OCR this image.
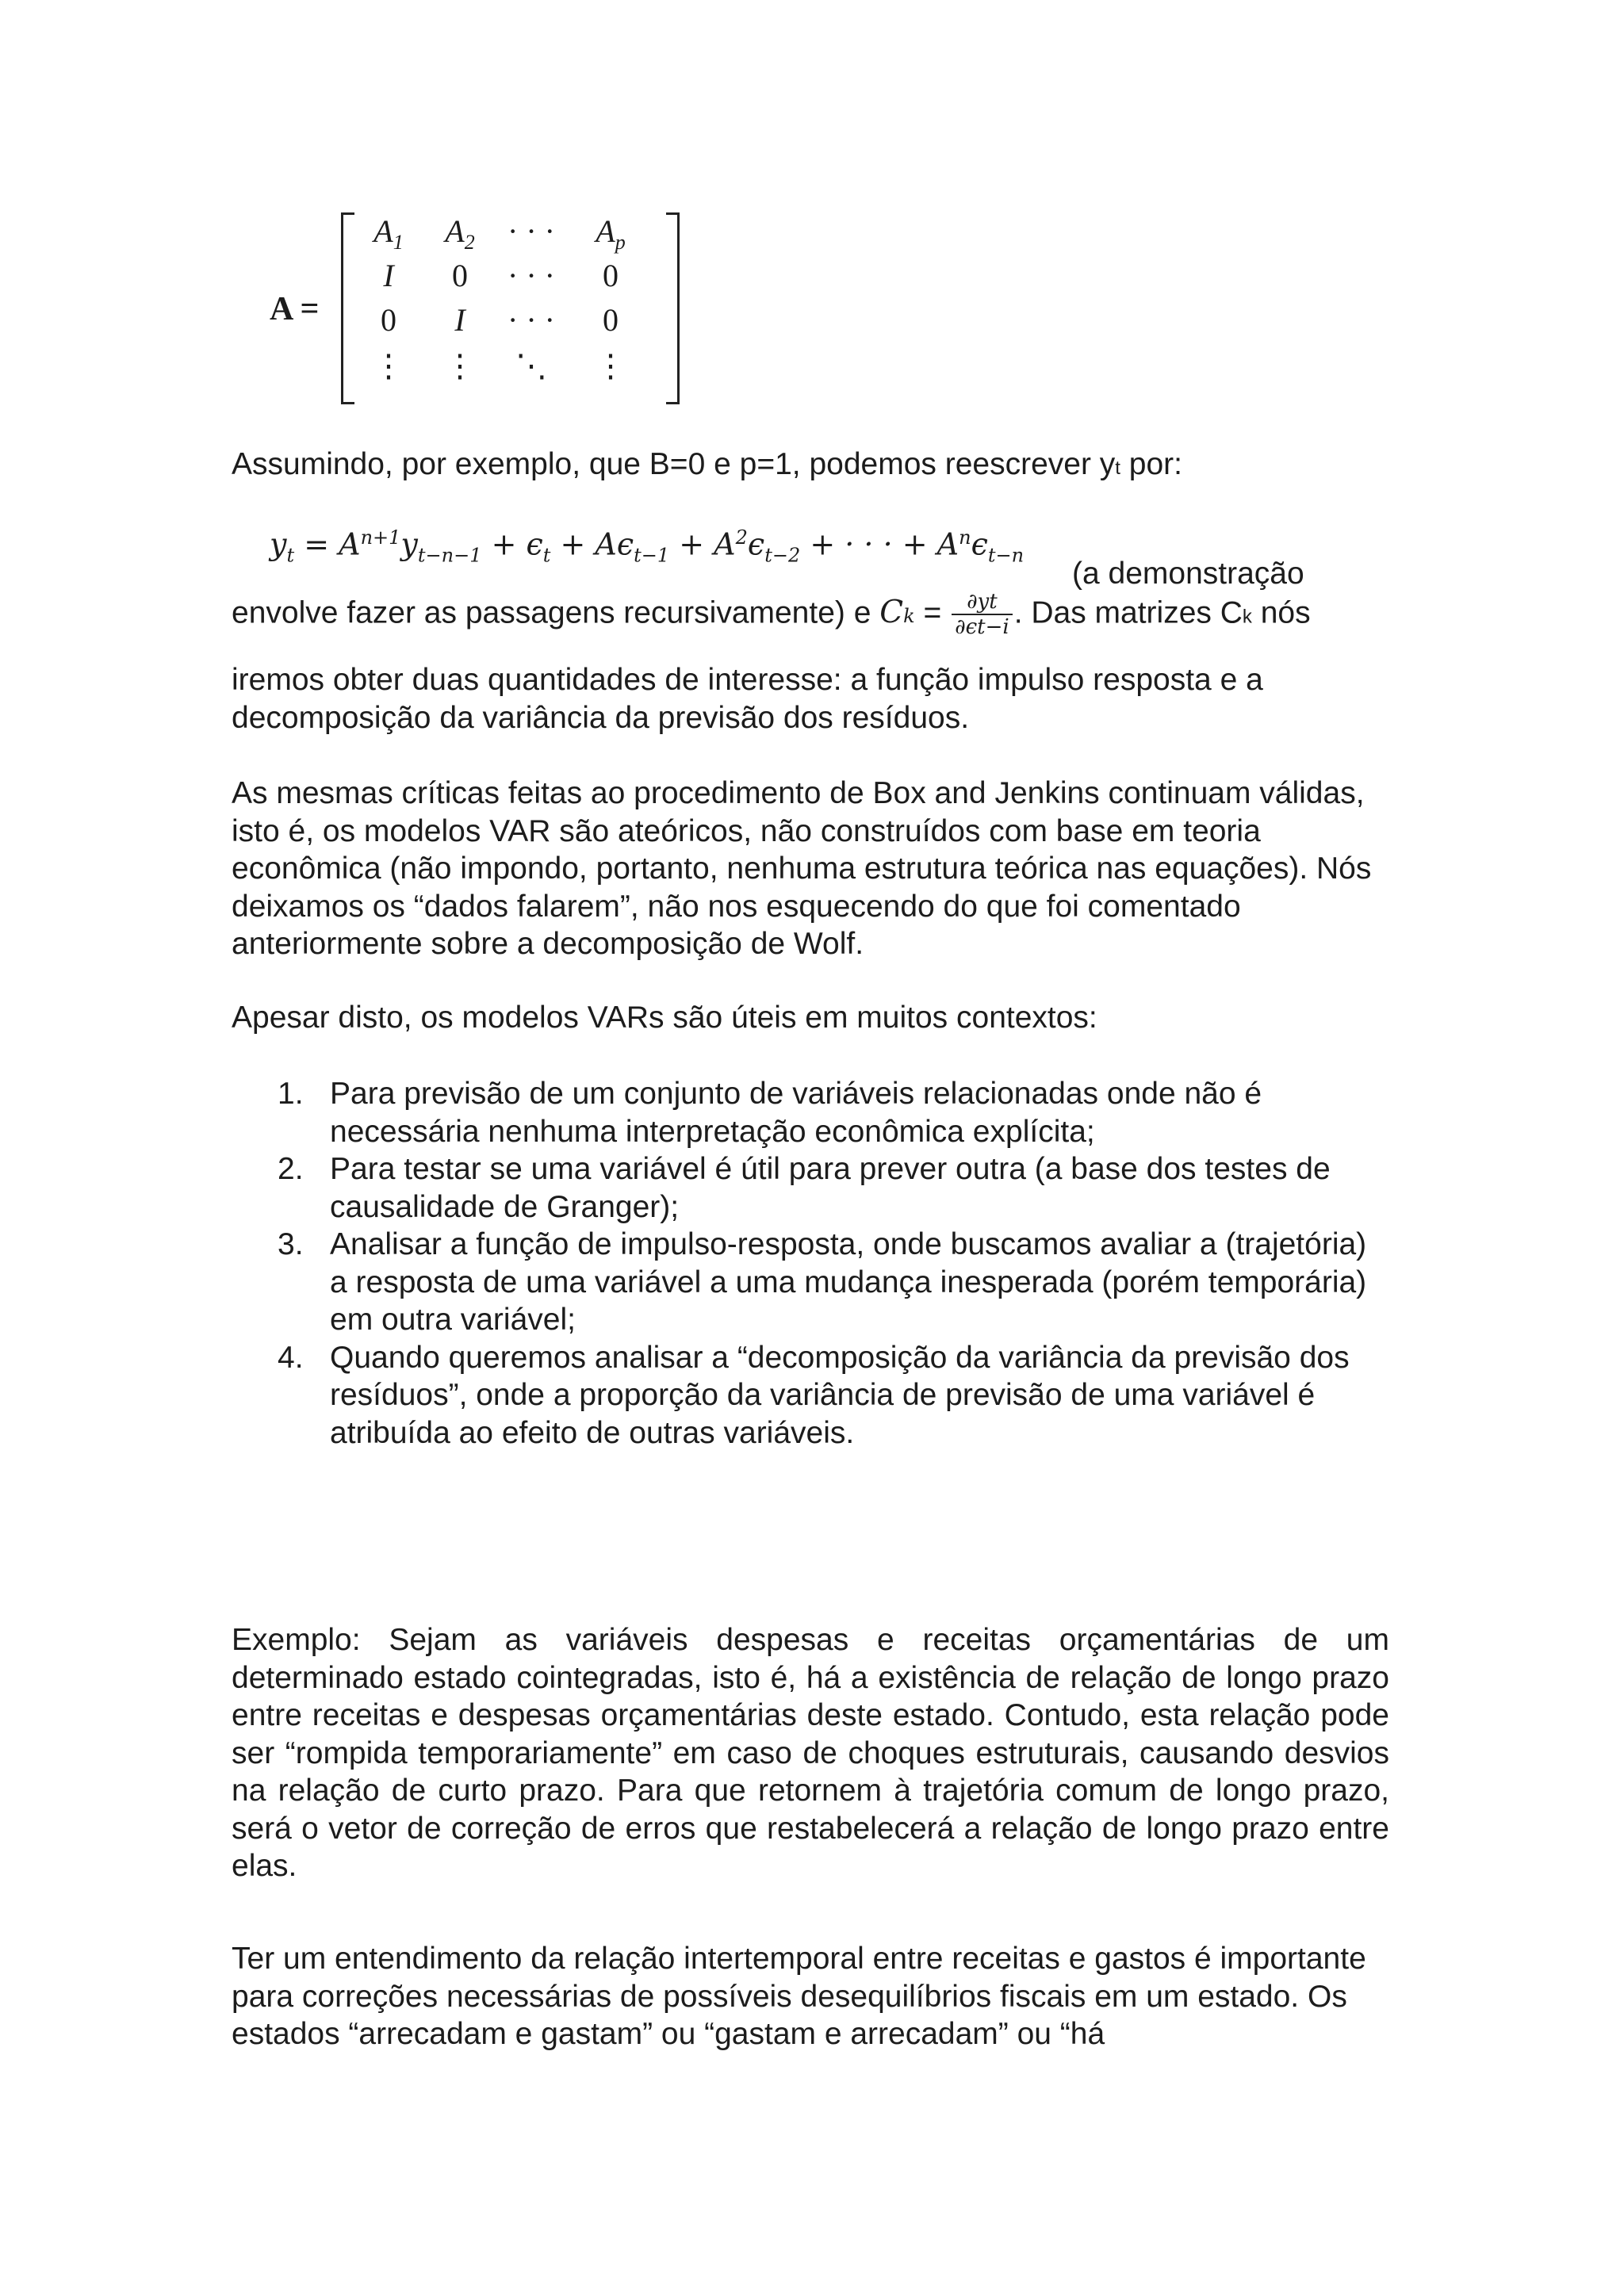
A =
$A_1$	$A_2$	· · ·	$A_p$
I	0	· · ·	0
0	I	· · ·	0
⋮	⋮	⋱	⋮

Assumindo, por exemplo, que B=0 e p=1, podemos reescrever yt por:

$y_t = A^{n+1}y_{t-n-1} + \epsilon_t + A\epsilon_{t-1} + A^2\epsilon_{t-2}$ + · · · + $A^n\epsilon_{t-n}$
(a demonstração
envolve fazer as passagens recursivamente) e $Ck = \frac{\partial yt}{\partial\epsilon t-i}$ . Das matrizes Ck nós

iremos obter duas quantidades de interesse: a função impulso resposta e a decomposição da variância da previsão dos resíduos.

As mesmas críticas feitas ao procedimento de Box and Jenkins continuam válidas, isto é, os modelos VAR são ateóricos, não construídos com base em teoria econômica (não impondo, portanto, nenhuma estrutura teórica nas equações). Nós deixamos os “dados falarem”, não nos esquecendo do que foi comentado anteriormente sobre a decomposição de Wolf.

Apesar disto, os modelos VARs são úteis em muitos contextos:

1. Para previsão de um conjunto de variáveis relacionadas onde não é necessária nenhuma interpretação econômica explícita;
2. Para testar se uma variável é útil para prever outra (a base dos testes de causalidade de Granger);
3. Analisar a função de impulso-resposta, onde buscamos avaliar a (trajetória) a resposta de uma variável a uma mudança inesperada (porém temporária) em outra variável;
4. Quando queremos analisar a “decomposição da variância da previsão dos resíduos”, onde a proporção da variância de previsão de uma variável é atribuída ao efeito de outras variáveis.

Exemplo: Sejam as variáveis despesas e receitas orçamentárias de um determinado estado cointegradas, isto é, há a existência de relação de longo prazo entre receitas e despesas orçamentárias deste estado. Contudo, esta relação pode ser “rompida temporariamente” em caso de choques estruturais, causando desvios na relação de curto prazo. Para que retornem à trajetória comum de longo prazo, será o vetor de correção de erros que restabelecerá a relação de longo prazo entre elas.

Ter um entendimento da relação intertemporal entre receitas e gastos é importante para correções necessárias de possíveis desequilíbrios fiscais em um estado. Os estados “arrecadam e gastam” ou “gastam e arrecadam” ou “há
